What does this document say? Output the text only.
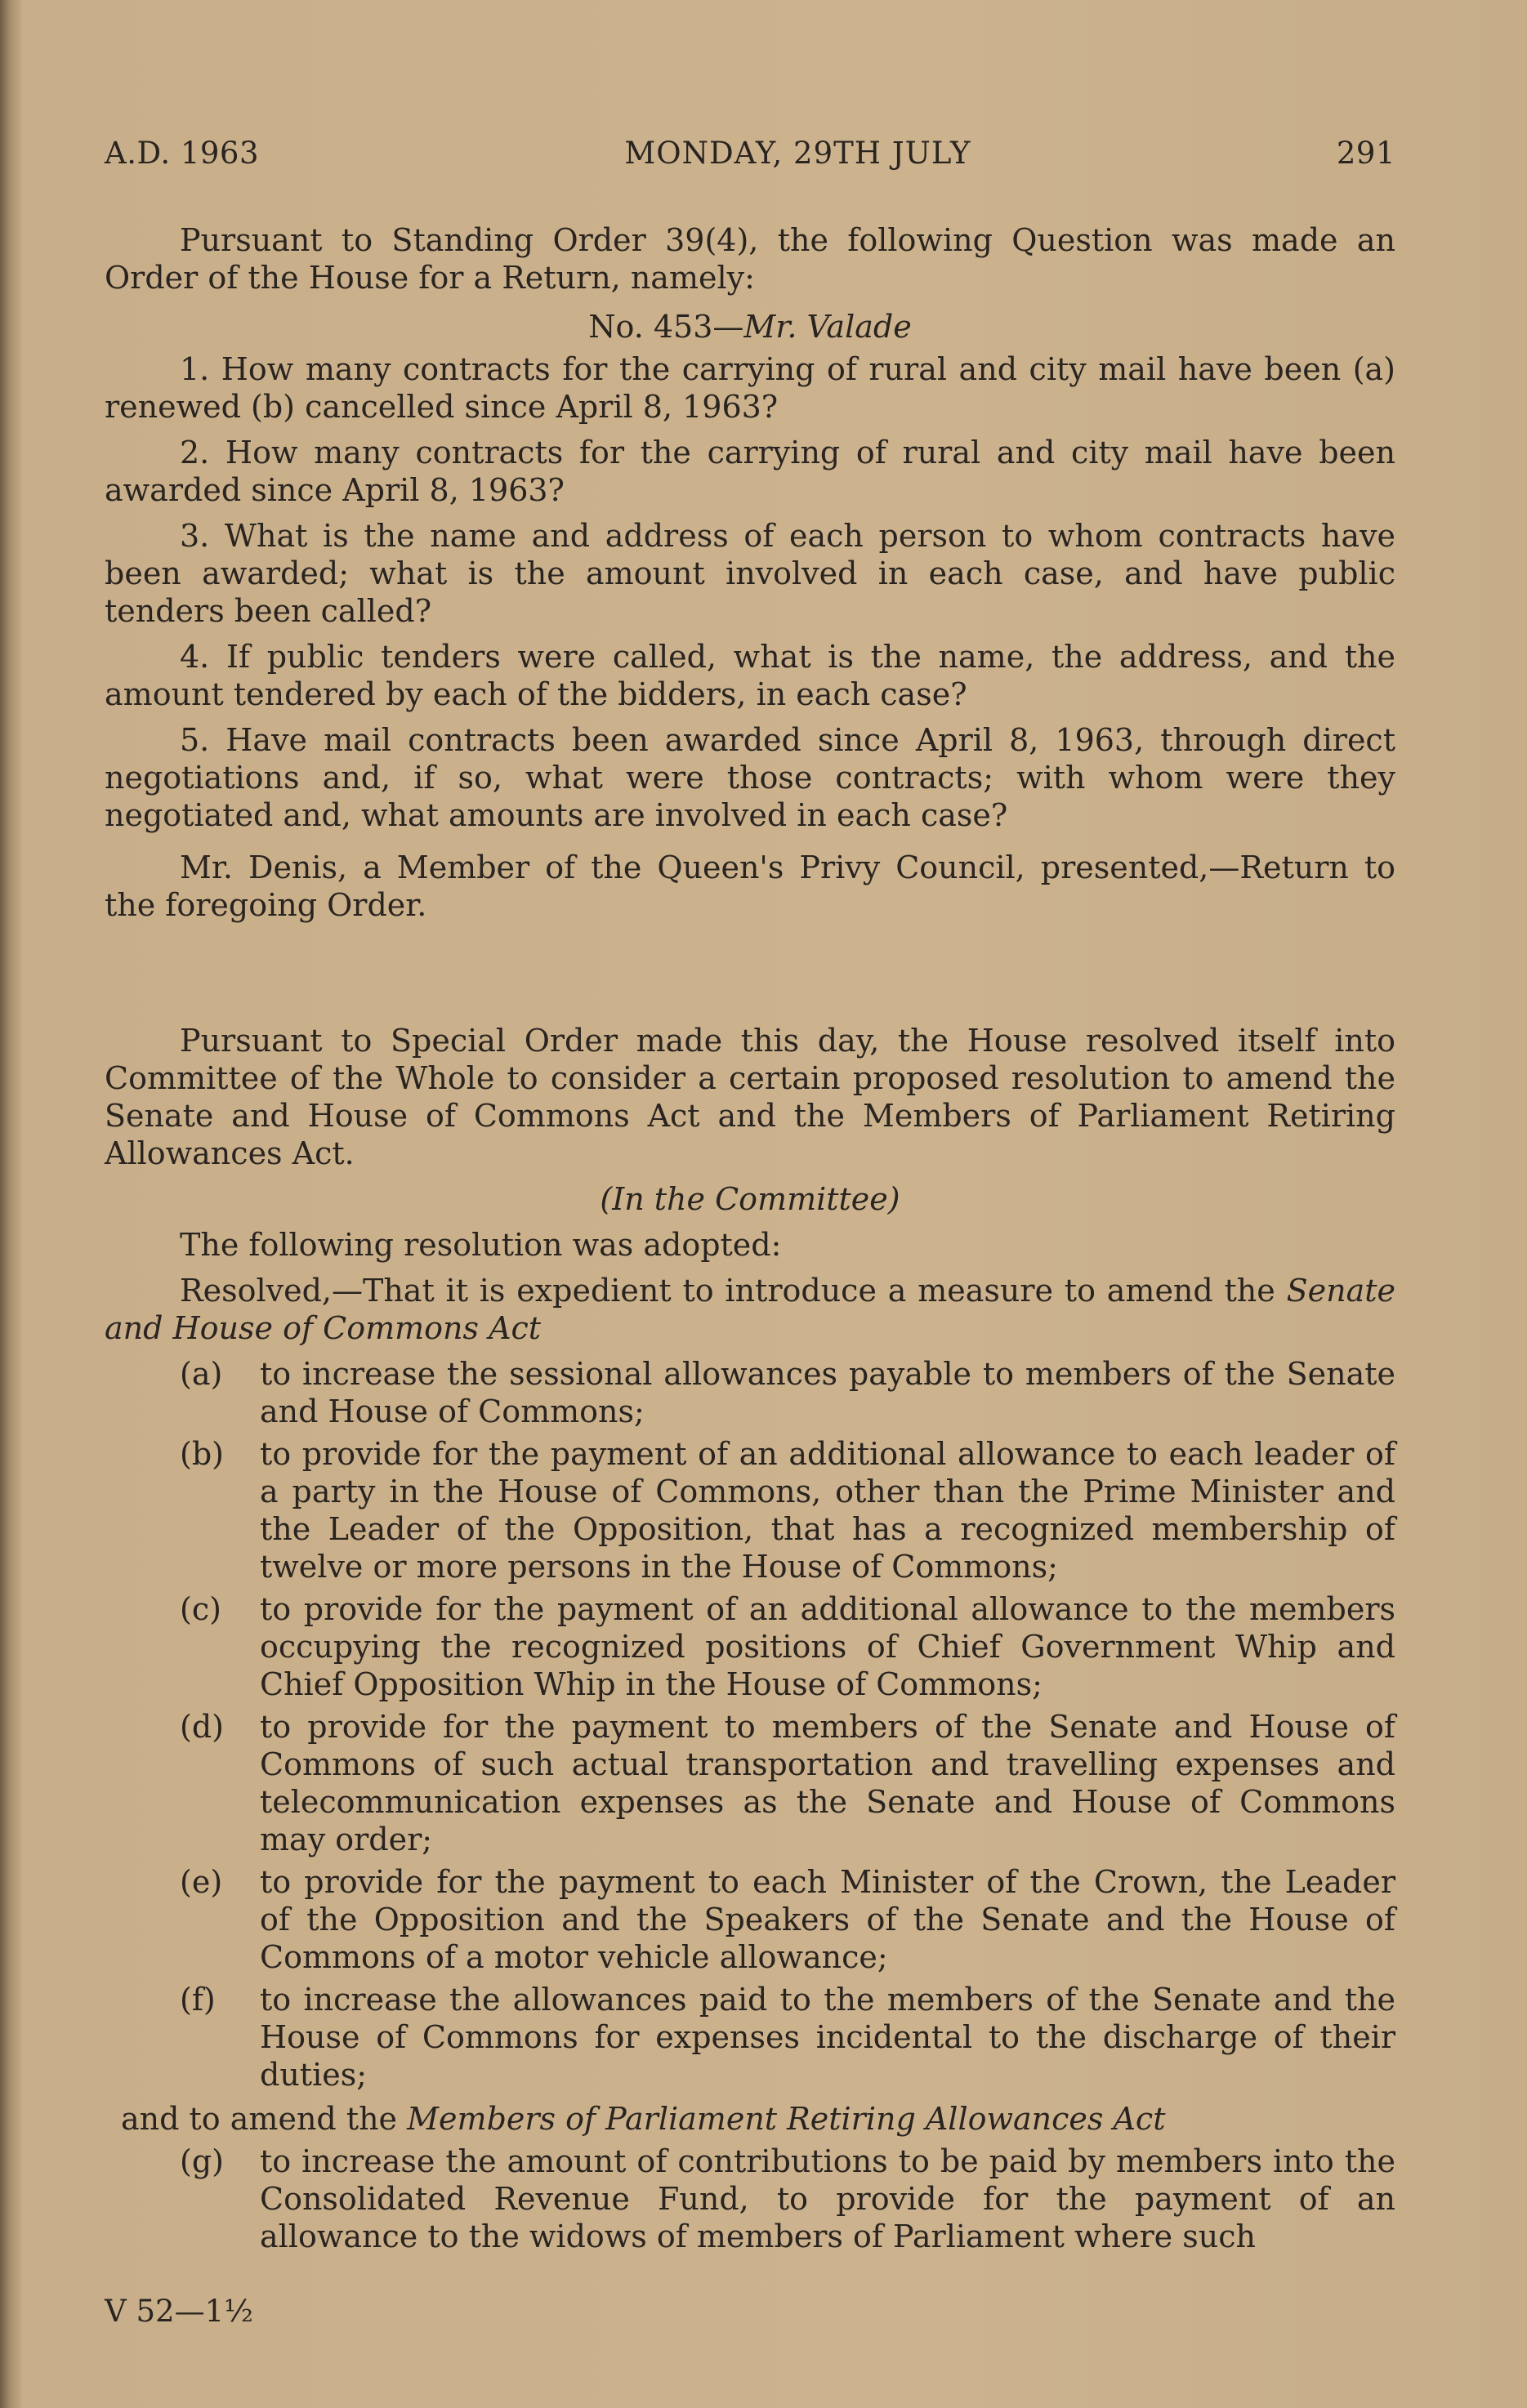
A.D. 1963	MONDAY, 29TH JULY	291

Pursuant to Standing Order 39(4), the following Question was made an Order of the House for a Return, namely:

No. 453—Mr. Valade

1. How many contracts for the carrying of rural and city mail have been (a) renewed (b) cancelled since April 8, 1963?

2. How many contracts for the carrying of rural and city mail have been awarded since April 8, 1963?

3. What is the name and address of each person to whom contracts have been awarded; what is the amount involved in each case, and have public tenders been called?

4. If public tenders were called, what is the name, the address, and the amount tendered by each of the bidders, in each case?

5. Have mail contracts been awarded since April 8, 1963, through direct negotiations and, if so, what were those contracts; with whom were they negotiated and, what amounts are involved in each case?

Mr. Denis, a Member of the Queen's Privy Council, presented,—Return to the foregoing Order.

Pursuant to Special Order made this day, the House resolved itself into Committee of the Whole to consider a certain proposed resolution to amend the Senate and House of Commons Act and the Members of Parliament Retiring Allowances Act.

(In the Committee)

The following resolution was adopted:

Resolved,—That it is expedient to introduce a measure to amend the Senate and House of Commons Act

(a)	to increase the sessional allowances payable to members of the Senate and House of Commons;
(b)	to provide for the payment of an additional allowance to each leader of a party in the House of Commons, other than the Prime Minister and the Leader of the Opposition, that has a recognized membership of twelve or more persons in the House of Commons;
(c)	to provide for the payment of an additional allowance to the members occupying the recognized positions of Chief Government Whip and Chief Opposition Whip in the House of Commons;
(d)	to provide for the payment to members of the Senate and House of Commons of such actual transportation and travelling expenses and telecommunication expenses as the Senate and House of Commons may order;
(e)	to provide for the payment to each Minister of the Crown, the Leader of the Opposition and the Speakers of the Senate and the House of Commons of a motor vehicle allowance;
(f)	to increase the allowances paid to the members of the Senate and the House of Commons for expenses incidental to the discharge of their duties;

and to amend the Members of Parliament Retiring Allowances Act

(g)	to increase the amount of contributions to be paid by members into the Consolidated Revenue Fund, to provide for the payment of an allowance to the widows of members of Parliament where such
V 52—1½
